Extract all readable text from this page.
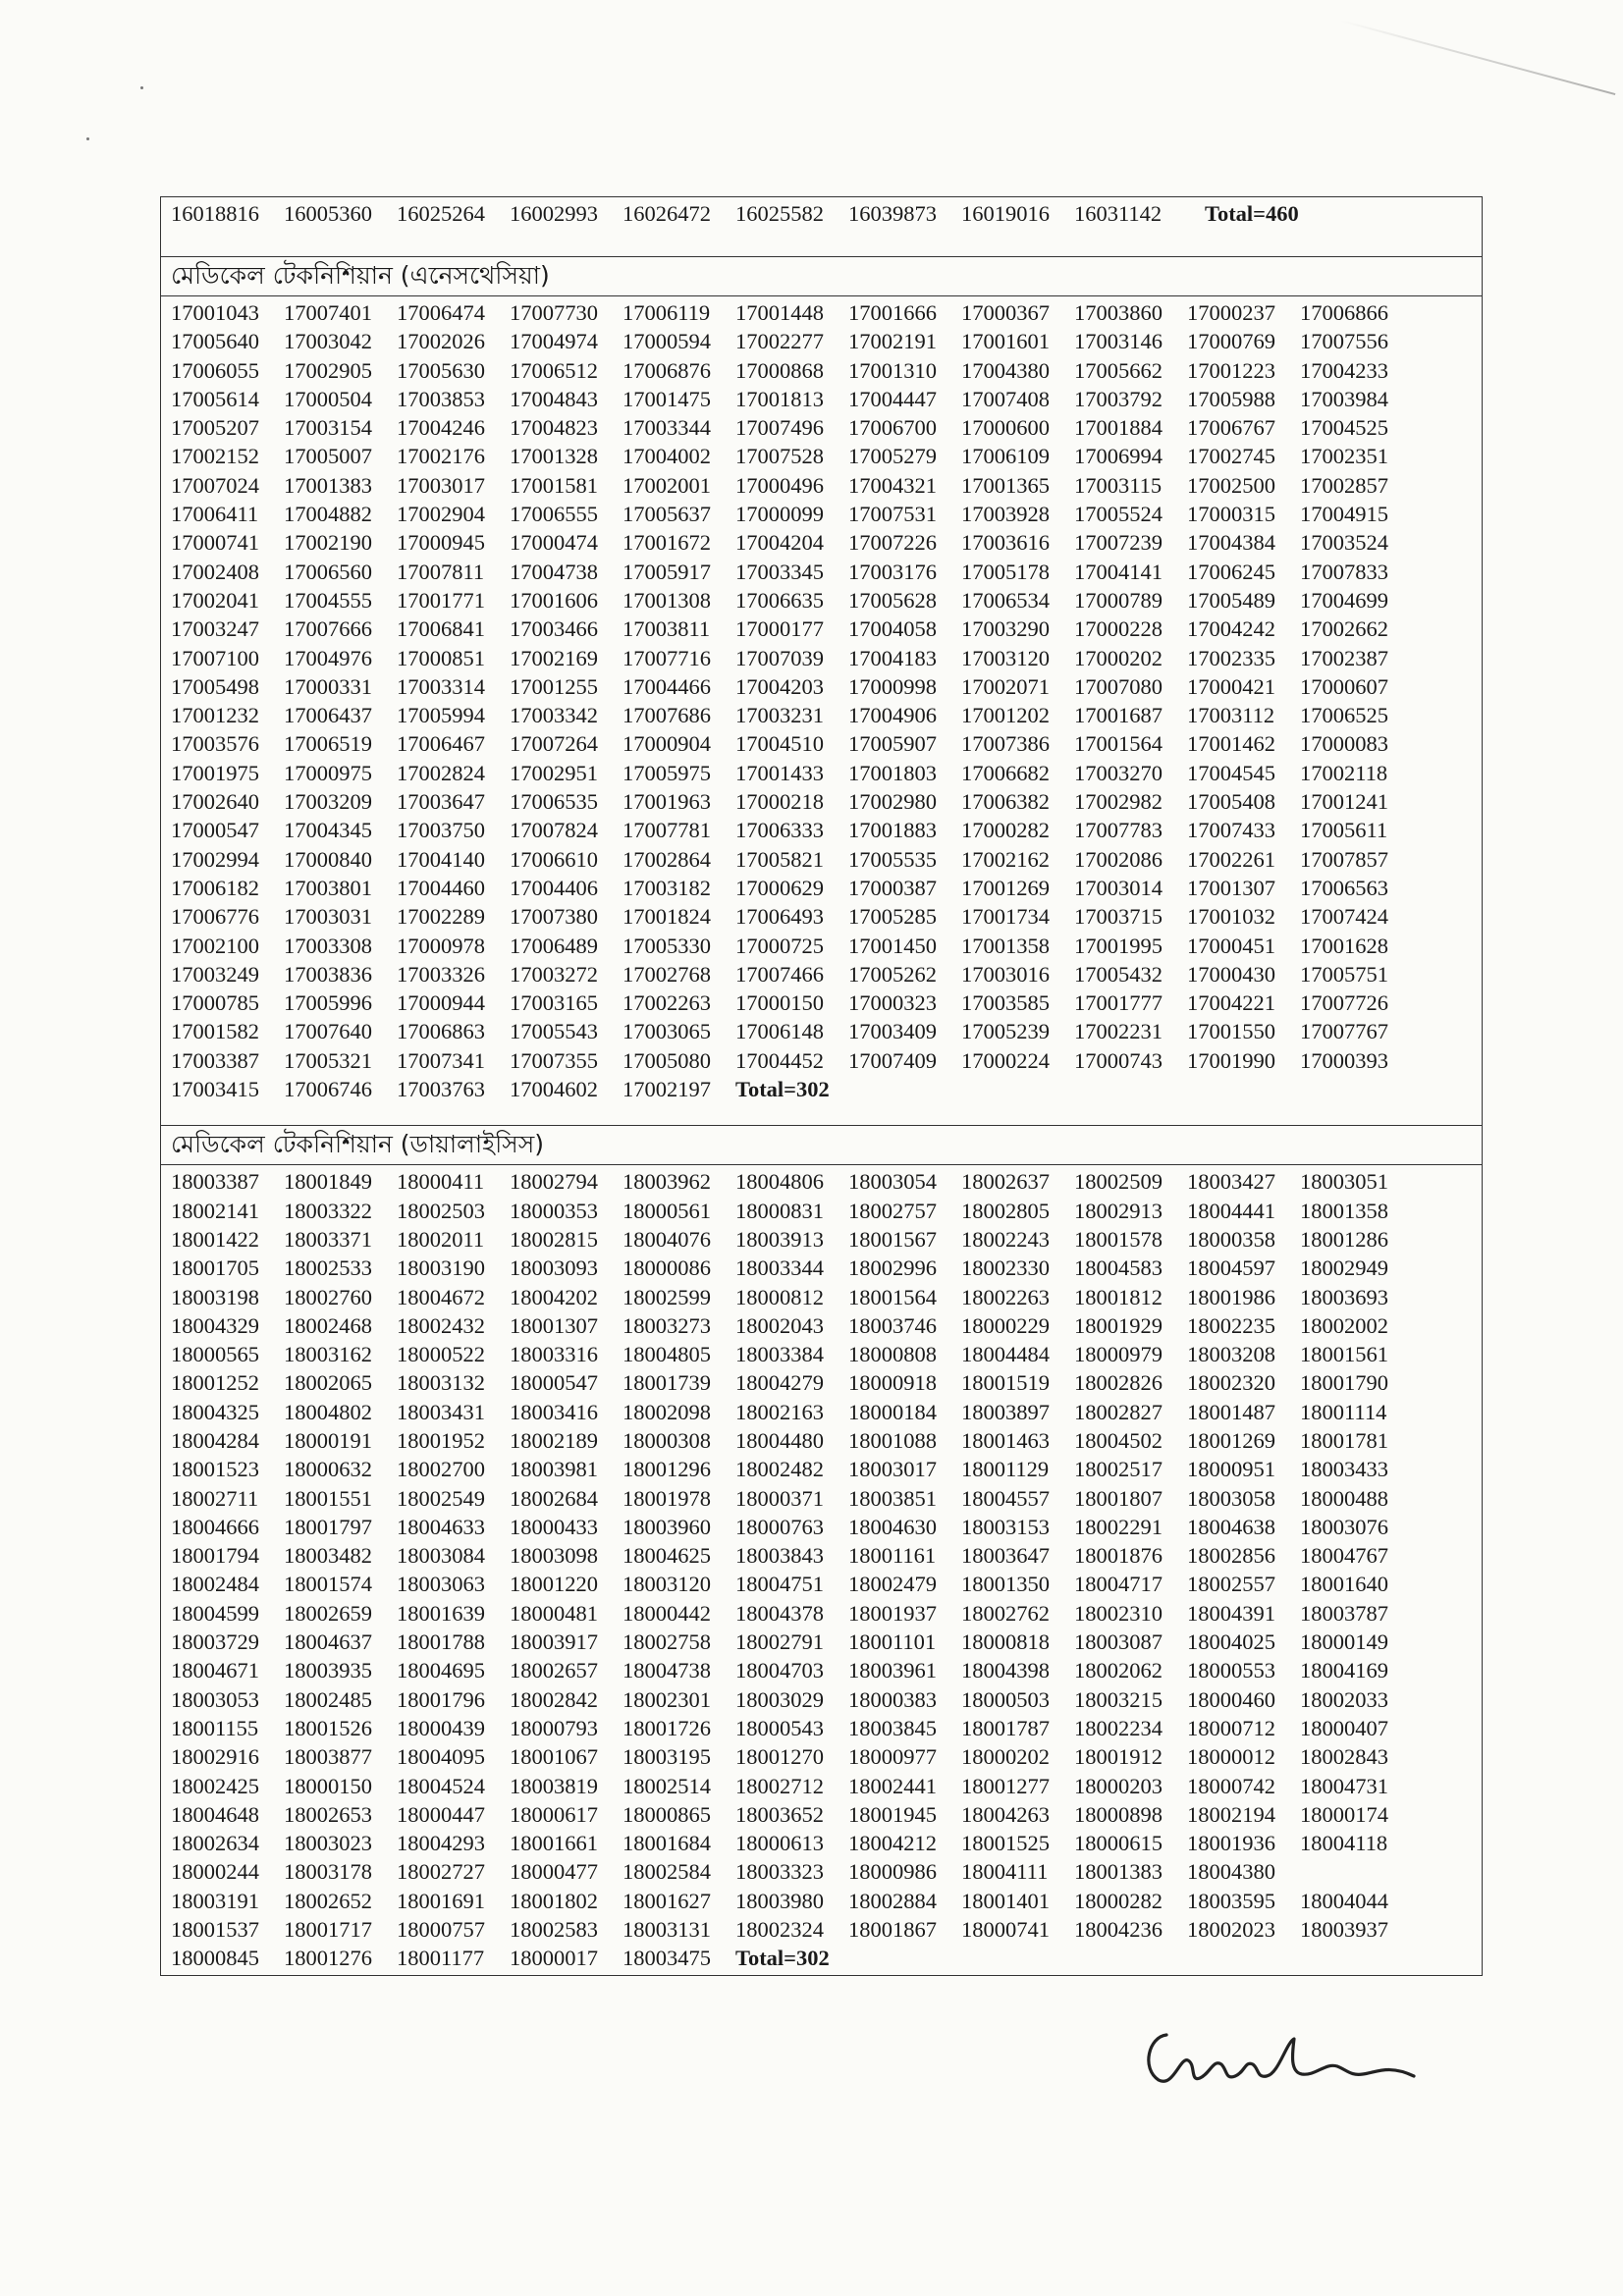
16018816	16005360	16025264	16002993	16026472	16025582	16039873	16019016	16031142	Total=460
মেডিকেল টেকনিশিয়ান (এনেসথেসিয়া)
17001043	17007401	17006474	17007730	17006119	17001448	17001666	17000367	17003860	17000237	17006866
17005640	17003042	17002026	17004974	17000594	17002277	17002191	17001601	17003146	17000769	17007556
17006055	17002905	17005630	17006512	17006876	17000868	17001310	17004380	17005662	17001223	17004233
17005614	17000504	17003853	17004843	17001475	17001813	17004447	17007408	17003792	17005988	17003984
17005207	17003154	17004246	17004823	17003344	17007496	17006700	17000600	17001884	17006767	17004525
17002152	17005007	17002176	17001328	17004002	17007528	17005279	17006109	17006994	17002745	17002351
17007024	17001383	17003017	17001581	17002001	17000496	17004321	17001365	17003115	17002500	17002857
17006411	17004882	17002904	17006555	17005637	17000099	17007531	17003928	17005524	17000315	17004915
17000741	17002190	17000945	17000474	17001672	17004204	17007226	17003616	17007239	17004384	17003524
17002408	17006560	17007811	17004738	17005917	17003345	17003176	17005178	17004141	17006245	17007833
17002041	17004555	17001771	17001606	17001308	17006635	17005628	17006534	17000789	17005489	17004699
17003247	17007666	17006841	17003466	17003811	17000177	17004058	17003290	17000228	17004242	17002662
17007100	17004976	17000851	17002169	17007716	17007039	17004183	17003120	17000202	17002335	17002387
17005498	17000331	17003314	17001255	17004466	17004203	17000998	17002071	17007080	17000421	17000607
17001232	17006437	17005994	17003342	17007686	17003231	17004906	17001202	17001687	17003112	17006525
17003576	17006519	17006467	17007264	17000904	17004510	17005907	17007386	17001564	17001462	17000083
17001975	17000975	17002824	17002951	17005975	17001433	17001803	17006682	17003270	17004545	17002118
17002640	17003209	17003647	17006535	17001963	17000218	17002980	17006382	17002982	17005408	17001241
17000547	17004345	17003750	17007824	17007781	17006333	17001883	17000282	17007783	17007433	17005611
17002994	17000840	17004140	17006610	17002864	17005821	17005535	17002162	17002086	17002261	17007857
17006182	17003801	17004460	17004406	17003182	17000629	17000387	17001269	17003014	17001307	17006563
17006776	17003031	17002289	17007380	17001824	17006493	17005285	17001734	17003715	17001032	17007424
17002100	17003308	17000978	17006489	17005330	17000725	17001450	17001358	17001995	17000451	17001628
17003249	17003836	17003326	17003272	17002768	17007466	17005262	17003016	17005432	17000430	17005751
17000785	17005996	17000944	17003165	17002263	17000150	17000323	17003585	17001777	17004221	17007726
17001582	17007640	17006863	17005543	17003065	17006148	17003409	17005239	17002231	17001550	17007767
17003387	17005321	17007341	17007355	17005080	17004452	17007409	17000224	17000743	17001990	17000393
17003415	17006746	17003763	17004602	17002197	Total=302
মেডিকেল টেকনিশিয়ান (ডায়ালাইসিস)
18003387	18001849	18000411	18002794	18003962	18004806	18003054	18002637	18002509	18003427	18003051
18002141	18003322	18002503	18000353	18000561	18000831	18002757	18002805	18002913	18004441	18001358
18001422	18003371	18002011	18002815	18004076	18003913	18001567	18002243	18001578	18000358	18001286
18001705	18002533	18003190	18003093	18000086	18003344	18002996	18002330	18004583	18004597	18002949
18003198	18002760	18004672	18004202	18002599	18000812	18001564	18002263	18001812	18001986	18003693
18004329	18002468	18002432	18001307	18003273	18002043	18003746	18000229	18001929	18002235	18002002
18000565	18003162	18000522	18003316	18004805	18003384	18000808	18004484	18000979	18003208	18001561
18001252	18002065	18003132	18000547	18001739	18004279	18000918	18001519	18002826	18002320	18001790
18004325	18004802	18003431	18003416	18002098	18002163	18000184	18003897	18002827	18001487	18001114
18004284	18000191	18001952	18002189	18000308	18004480	18001088	18001463	18004502	18001269	18001781
18001523	18000632	18002700	18003981	18001296	18002482	18003017	18001129	18002517	18000951	18003433
18002711	18001551	18002549	18002684	18001978	18000371	18003851	18004557	18001807	18003058	18000488
18004666	18001797	18004633	18000433	18003960	18000763	18004630	18003153	18002291	18004638	18003076
18001794	18003482	18003084	18003098	18004625	18003843	18001161	18003647	18001876	18002856	18004767
18002484	18001574	18003063	18001220	18003120	18004751	18002479	18001350	18004717	18002557	18001640
18004599	18002659	18001639	18000481	18000442	18004378	18001937	18002762	18002310	18004391	18003787
18003729	18004637	18001788	18003917	18002758	18002791	18001101	18000818	18003087	18004025	18000149
18004671	18003935	18004695	18002657	18004738	18004703	18003961	18004398	18002062	18000553	18004169
18003053	18002485	18001796	18002842	18002301	18003029	18000383	18000503	18003215	18000460	18002033
18001155	18001526	18000439	18000793	18001726	18000543	18003845	18001787	18002234	18000712	18000407
18002916	18003877	18004095	18001067	18003195	18001270	18000977	18000202	18001912	18000012	18002843
18002425	18000150	18004524	18003819	18002514	18002712	18002441	18001277	18000203	18000742	18004731
18004648	18002653	18000447	18000617	18000865	18003652	18001945	18004263	18000898	18002194	18000174
18002634	18003023	18004293	18001661	18001684	18000613	18004212	18001525	18000615	18001936	18004118
18000244	18003178	18002727	18000477	18002584	18003323	18000986	18004111	18001383	18004380
18003191	18002652	18001691	18001802	18001627	18003980	18002884	18001401	18000282	18003595	18004044
18001537	18001717	18000757	18002583	18003131	18002324	18001867	18000741	18004236	18002023	18003937
18000845	18001276	18001177	18000017	18003475	Total=302
